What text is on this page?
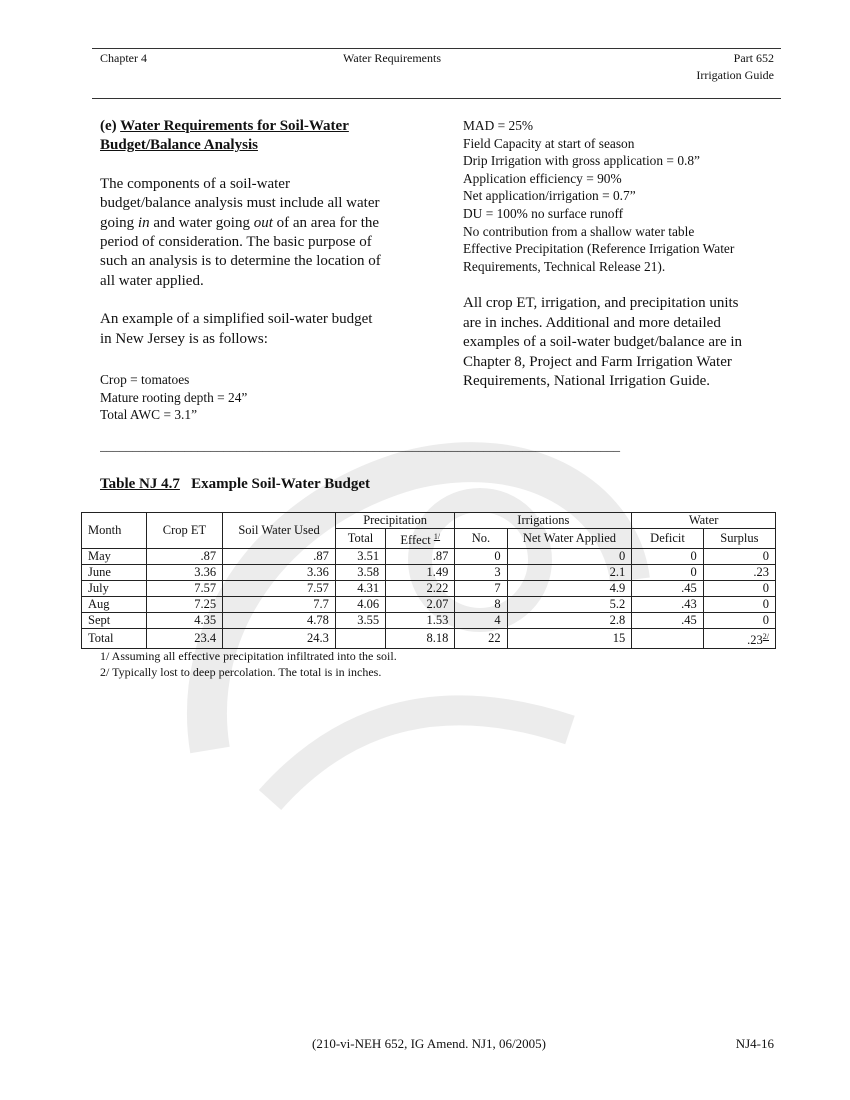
Chapter 4	Water Requirements	Part 652
Irrigation Guide

(e) Water Requirements for Soil-Water
Budget/Balance Analysis

The components of a soil-water
budget/balance analysis must include all water
going in and water going out of an area for the
period of consideration. The basic purpose of
such an analysis is to determine the location of
all water applied.

An example of a simplified soil-water budget
in New Jersey is as follows:

Crop = tomatoes
Mature rooting depth = 24”
Total AWC = 3.1”

MAD = 25%
Field Capacity at start of season
Drip Irrigation with gross application = 0.8”
Application efficiency = 90%
Net application/irrigation = 0.7”
DU = 100% no surface runoff
No contribution from a shallow water table
Effective Precipitation (Reference Irrigation Water
Requirements, Technical Release 21).

All crop ET, irrigation, and precipitation units
are in inches. Additional and more detailed
examples of a soil-water budget/balance are in
Chapter 8, Project and Farm Irrigation Water
Requirements, National Irrigation Guide.

________________________________________________________________________________
Table NJ 4.7 Example Soil-Water Budget
Month	Crop ET	Soil Water Used	Precipitation		Irrigations		Water	
			Total	Effect $^{1/}$	No.	Net Water Applied	Deficit	Surplus
May	.87	.87	3.51	.87	0	0	0	0
June	3.36	3.36	3.58	1.49	3	2.1	0	.23
July	7.57	7.57	4.31	2.22	7	4.9	.45	0
Aug	7.25	7.7	4.06	2.07	8	5.2	.43	0
Sept	4.35	4.78	3.55	1.53	4	2.8	.45	0
Total	23.4	24.3		8.18	22	15		$.23^{2/}$
1/ Assuming all effective precipitation infiltrated into the soil.
2/ Typically lost to deep percolation. The total is in inches.
(210-vi-NEH 652, IG Amend. NJ1, 06/2005)	NJ4-16
